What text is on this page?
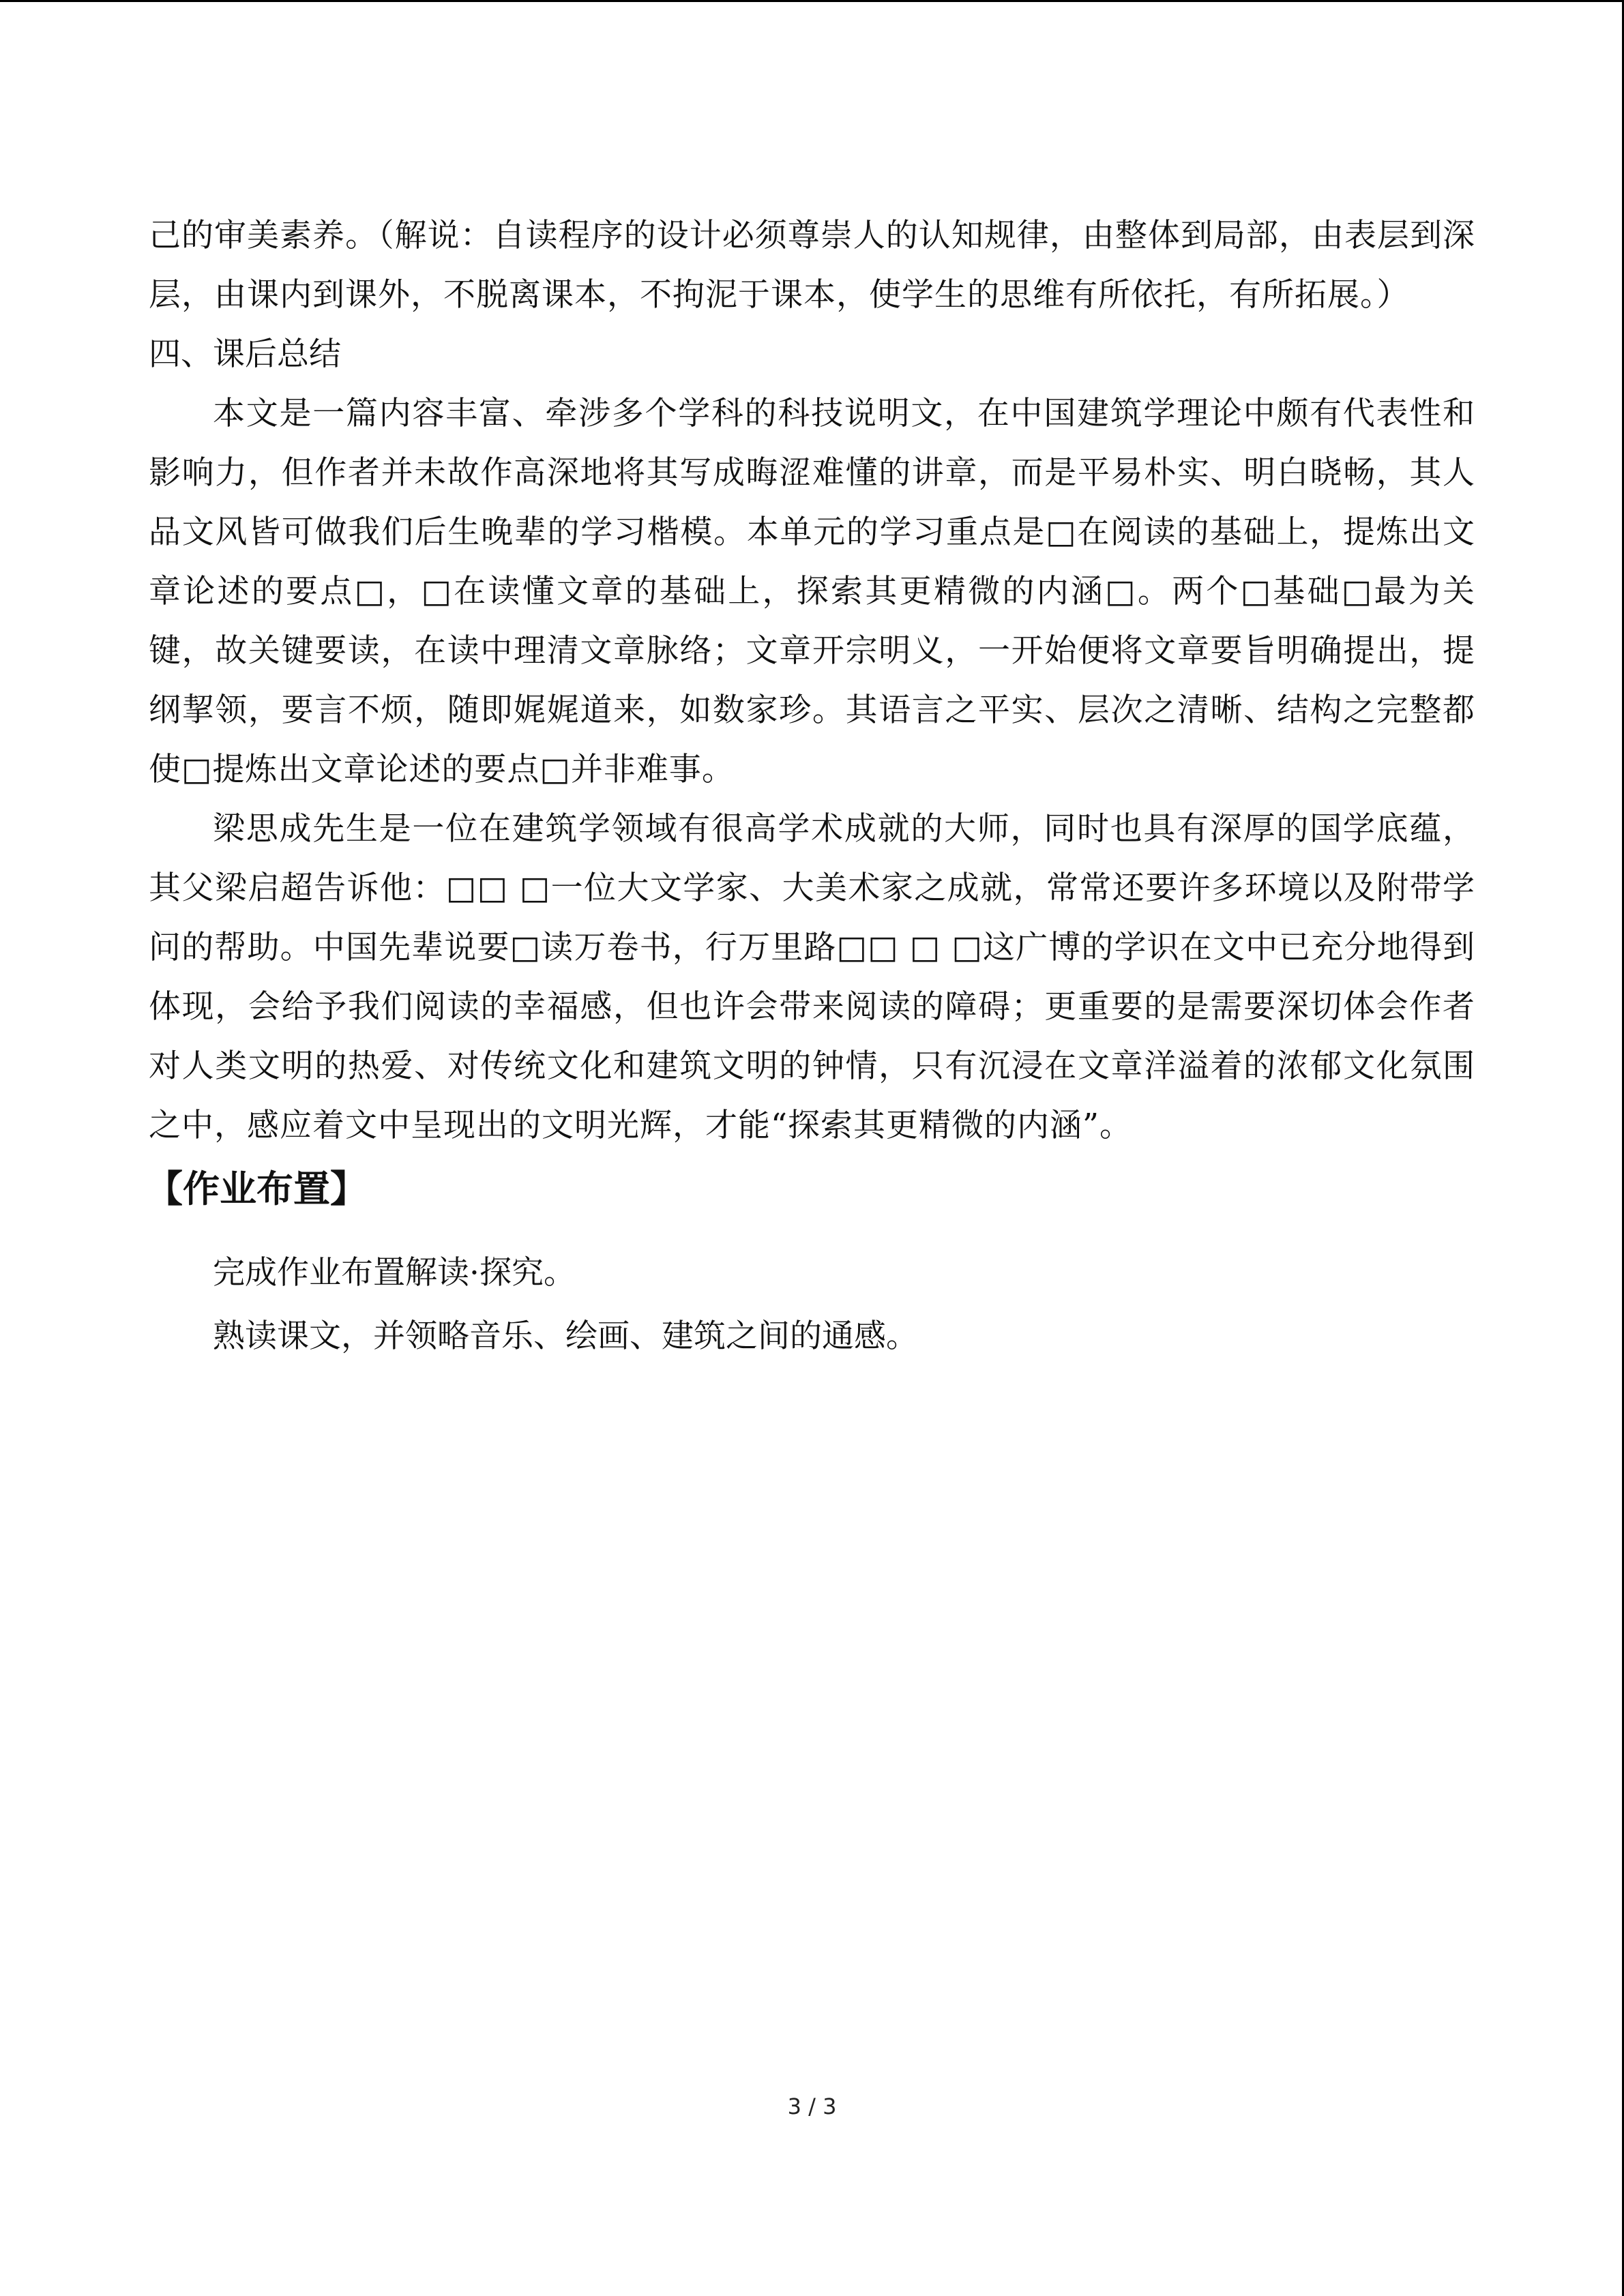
己的审美素养。（解说：自读程序的设计必须尊崇人的认知规律，由整体到局部，由表层到深层，由课内到课外，不脱离课本，不拘泥于课本，使学生的思维有所依托，有所拓展。）

四、课后总结

本文是一篇内容丰富、牵涉多个学科的科技说明文，在中国建筑学理论中颇有代表性和影响力，但作者并未故作高深地将其写成晦涩难懂的讲章，而是平易朴实、明白晓畅，其人品文风皆可做我们后生晚辈的学习楷模。本单元的学习重点是□在阅读的基础上，提炼出文章论述的要点□，□在读懂文章的基础上，探索其更精微的内涵□。两个□基础□最为关键，故关键要读，在读中理清文章脉络；文章开宗明义，一开始便将文章要旨明确提出，提纲挈领，要言不烦，随即娓娓道来，如数家珍。其语言之平实、层次之清晰、结构之完整都使□提炼出文章论述的要点□并非难事。

梁思成先生是一位在建筑学领域有很高学术成就的大师，同时也具有深厚的国学底蕴，其父梁启超告诉他：□□ □一位大文学家、大美术家之成就，常常还要许多环境以及附带学问的帮助。中国先辈说要□读万卷书，行万里路□□ □ □这广博的学识在文中已充分地得到体现，会给予我们阅读的幸福感，但也许会带来阅读的障碍；更重要的是需要深切体会作者对人类文明的热爱、对传统文化和建筑文明的钟情，只有沉浸在文章洋溢着的浓郁文化氛围之中，感应着文中呈现出的文明光辉，才能“探索其更精微的内涵”。

【作业布置】

完成作业布置解读·探究。

熟读课文，并领略音乐、绘画、建筑之间的通感。

3 / 3
